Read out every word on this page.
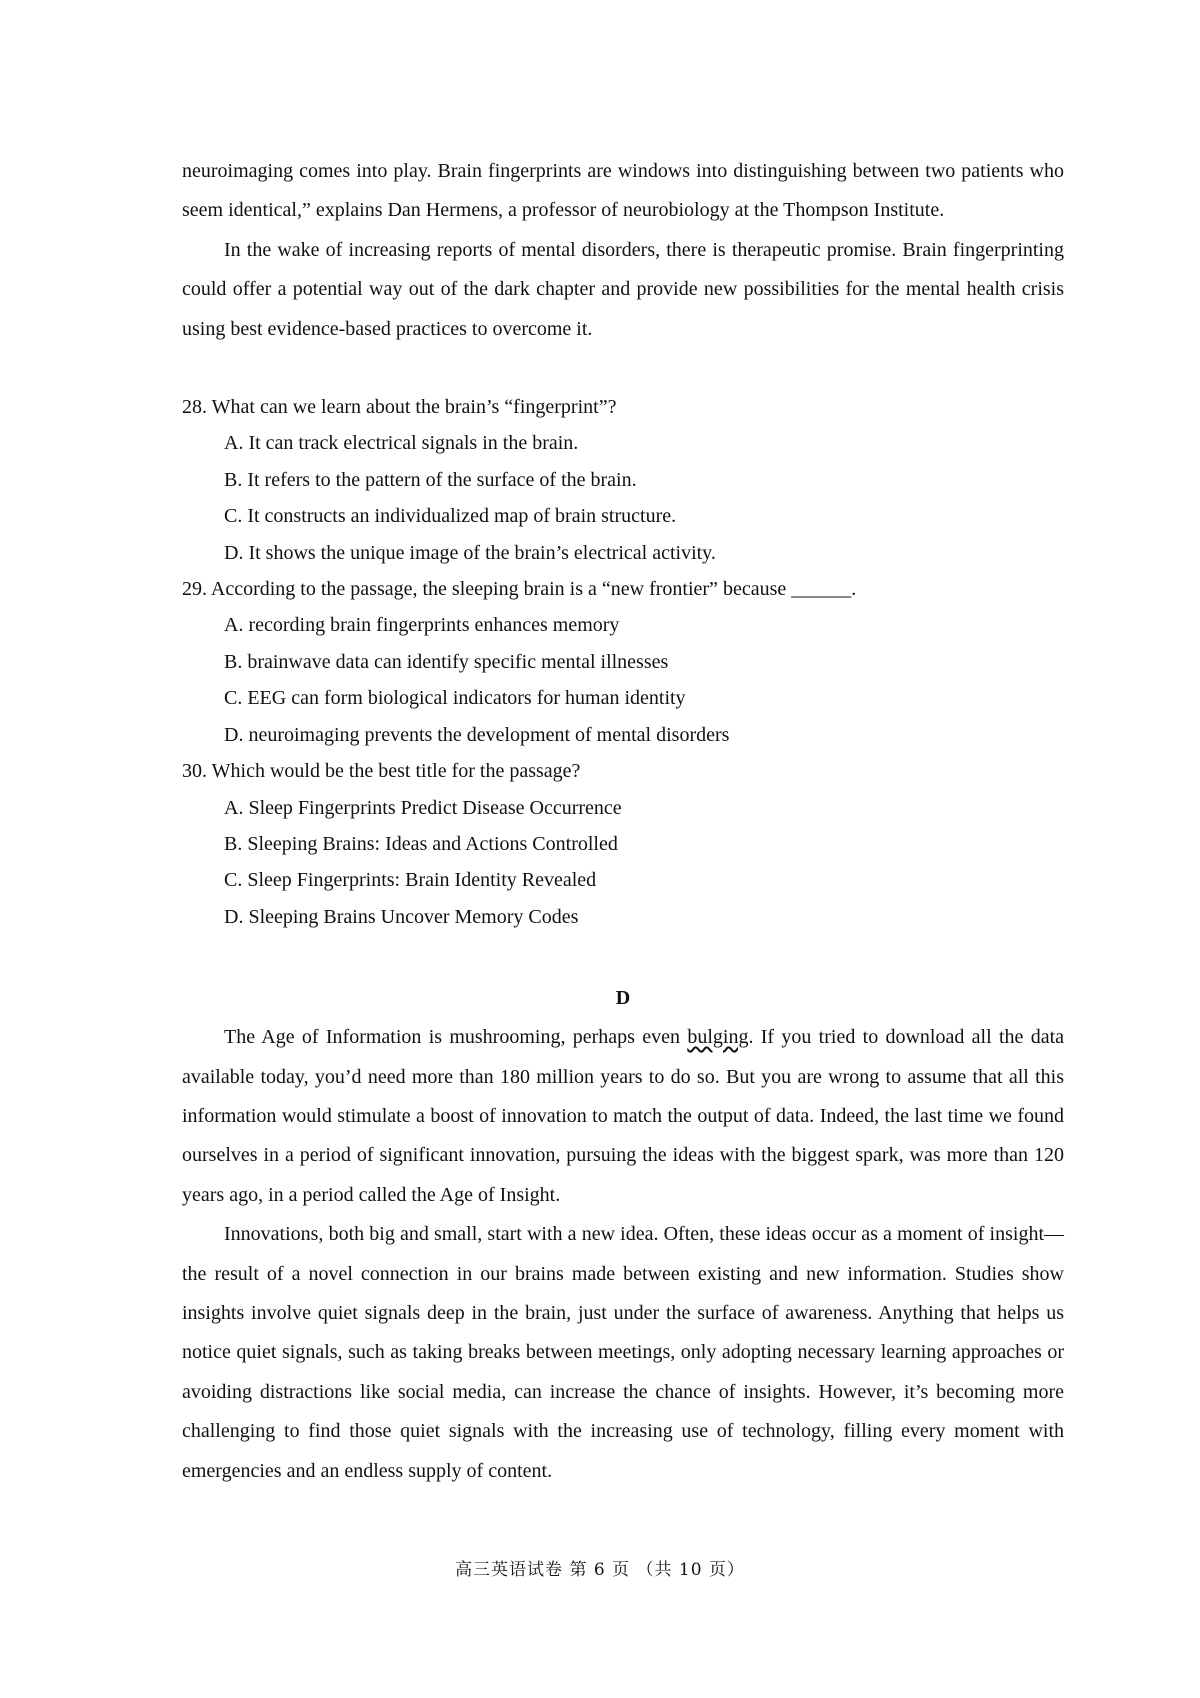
neuroimaging comes into play. Brain fingerprints are windows into distinguishing between two patients who seem identical,” explains Dan Hermens, a professor of neurobiology at the Thompson Institute.

In the wake of increasing reports of mental disorders, there is therapeutic promise. Brain fingerprinting could offer a potential way out of the dark chapter and provide new possibilities for the mental health crisis using best evidence-based practices to overcome it.

28. What can we learn about the brain’s “fingerprint”?

A. It can track electrical signals in the brain.

B. It refers to the pattern of the surface of the brain.

C. It constructs an individualized map of brain structure.

D. It shows the unique image of the brain’s electrical activity.

29. According to the passage, the sleeping brain is a “new frontier” because ______.

A. recording brain fingerprints enhances memory

B. brainwave data can identify specific mental illnesses

C. EEG can form biological indicators for human identity

D. neuroimaging prevents the development of mental disorders

30. Which would be the best title for the passage?

A. Sleep Fingerprints Predict Disease Occurrence

B. Sleeping Brains: Ideas and Actions Controlled

C. Sleep Fingerprints: Brain Identity Revealed

D. Sleeping Brains Uncover Memory Codes

D

The Age of Information is mushrooming, perhaps even bulging. If you tried to download all the data available today, you’d need more than 180 million years to do so. But you are wrong to assume that all this information would stimulate a boost of innovation to match the output of data. Indeed, the last time we found ourselves in a period of significant innovation, pursuing the ideas with the biggest spark, was more than 120 years ago, in a period called the Age of Insight.

Innovations, both big and small, start with a new idea. Often, these ideas occur as a moment of insight—the result of a novel connection in our brains made between existing and new information. Studies show insights involve quiet signals deep in the brain, just under the surface of awareness. Anything that helps us notice quiet signals, such as taking breaks between meetings, only adopting necessary learning approaches or avoiding distractions like social media, can increase the chance of insights. However, it’s becoming more challenging to find those quiet signals with the increasing use of technology, filling every moment with emergencies and an endless supply of content.

高三英语试卷 第 6 页 （共 10 页）
